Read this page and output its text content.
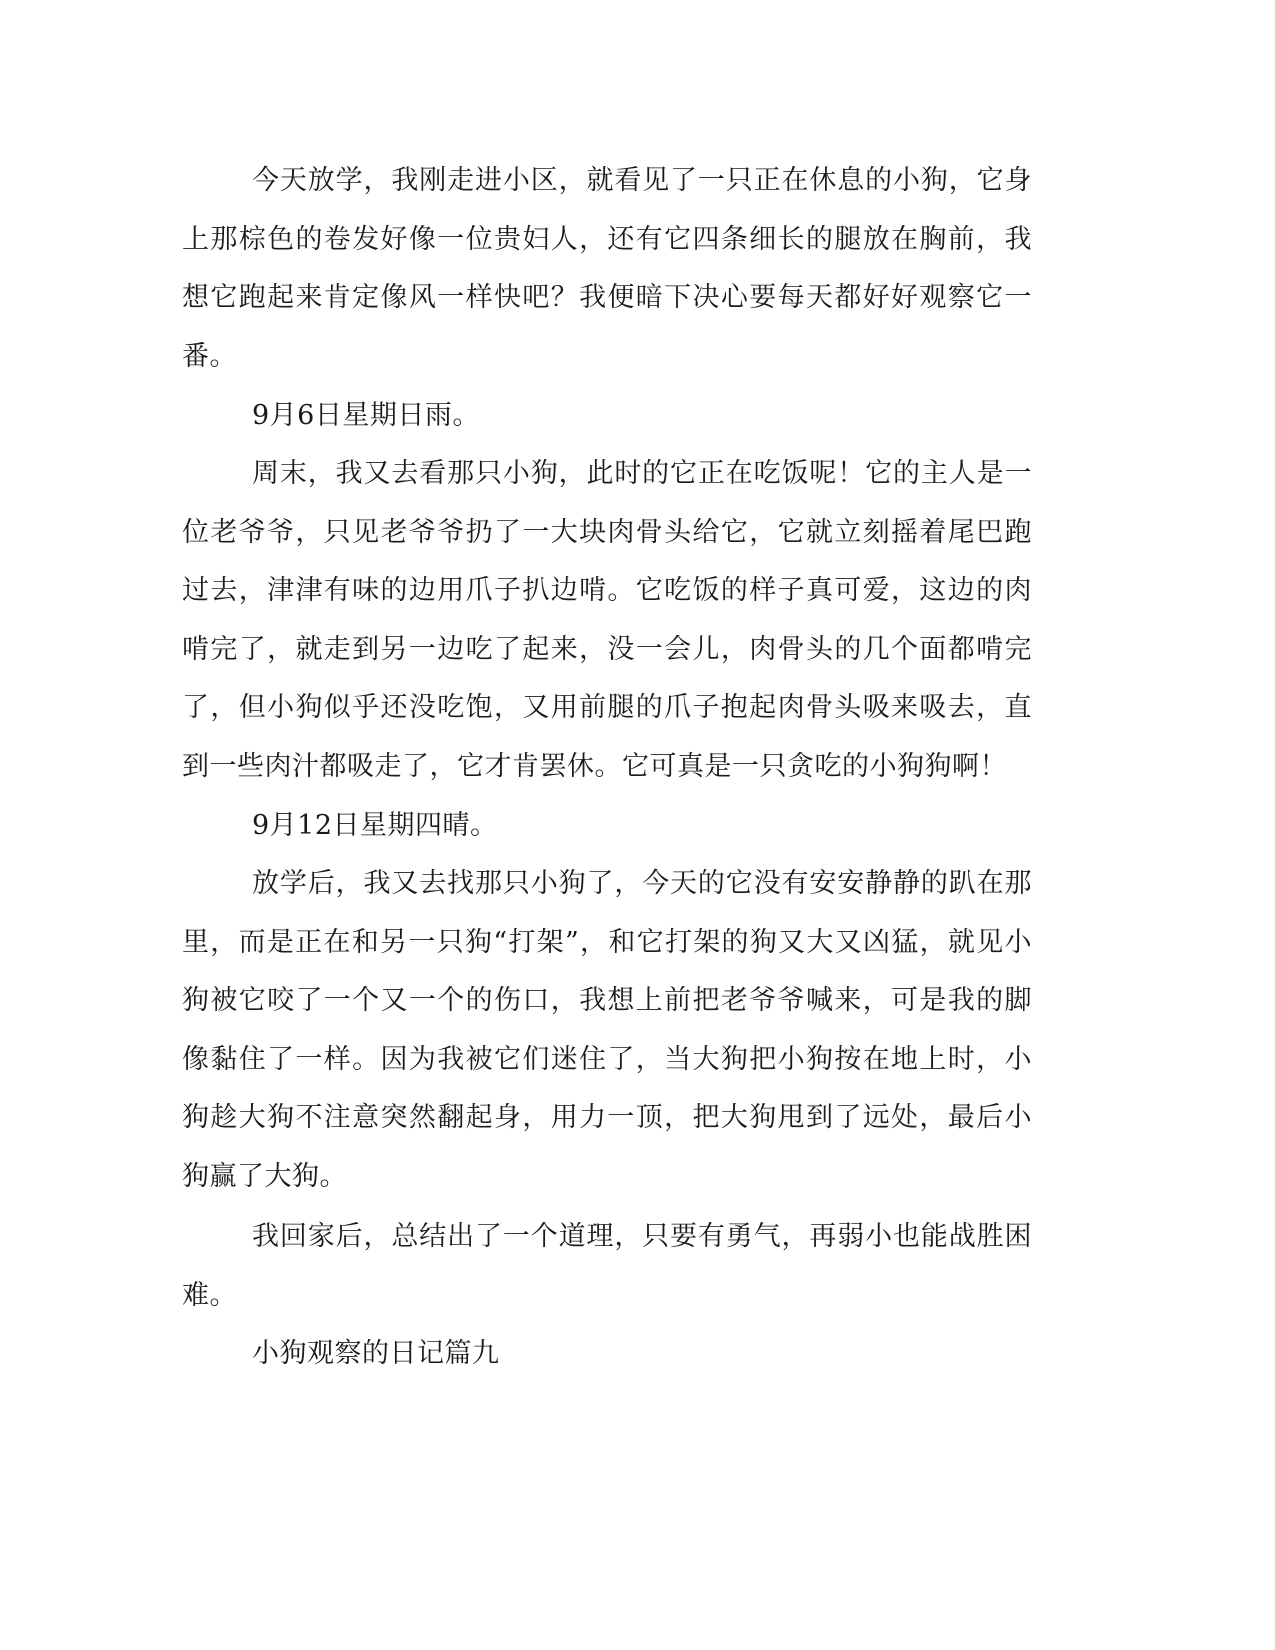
今天放学，我刚走进小区，就看见了一只正在休息的小狗，它身上那棕色的卷发好像一位贵妇人，还有它四条细长的腿放在胸前，我想它跑起来肯定像风一样快吧？我便暗下决心要每天都好好观察它一番。

9月6日星期日雨。

周末，我又去看那只小狗，此时的它正在吃饭呢！它的主人是一位老爷爷，只见老爷爷扔了一大块肉骨头给它，它就立刻摇着尾巴跑过去，津津有味的边用爪子扒边啃。它吃饭的样子真可爱，这边的肉啃完了，就走到另一边吃了起来，没一会儿，肉骨头的几个面都啃完了，但小狗似乎还没吃饱，又用前腿的爪子抱起肉骨头吸来吸去，直到一些肉汁都吸走了，它才肯罢休。它可真是一只贪吃的小狗狗啊！

9月12日星期四晴。

放学后，我又去找那只小狗了，今天的它没有安安静静的趴在那里，而是正在和另一只狗“打架”，和它打架的狗又大又凶猛，就见小狗被它咬了一个又一个的伤口，我想上前把老爷爷喊来，可是我的脚像黏住了一样。因为我被它们迷住了，当大狗把小狗按在地上时，小狗趁大狗不注意突然翻起身，用力一顶，把大狗甩到了远处，最后小狗赢了大狗。

我回家后，总结出了一个道理，只要有勇气，再弱小也能战胜困难。

小狗观察的日记篇九
